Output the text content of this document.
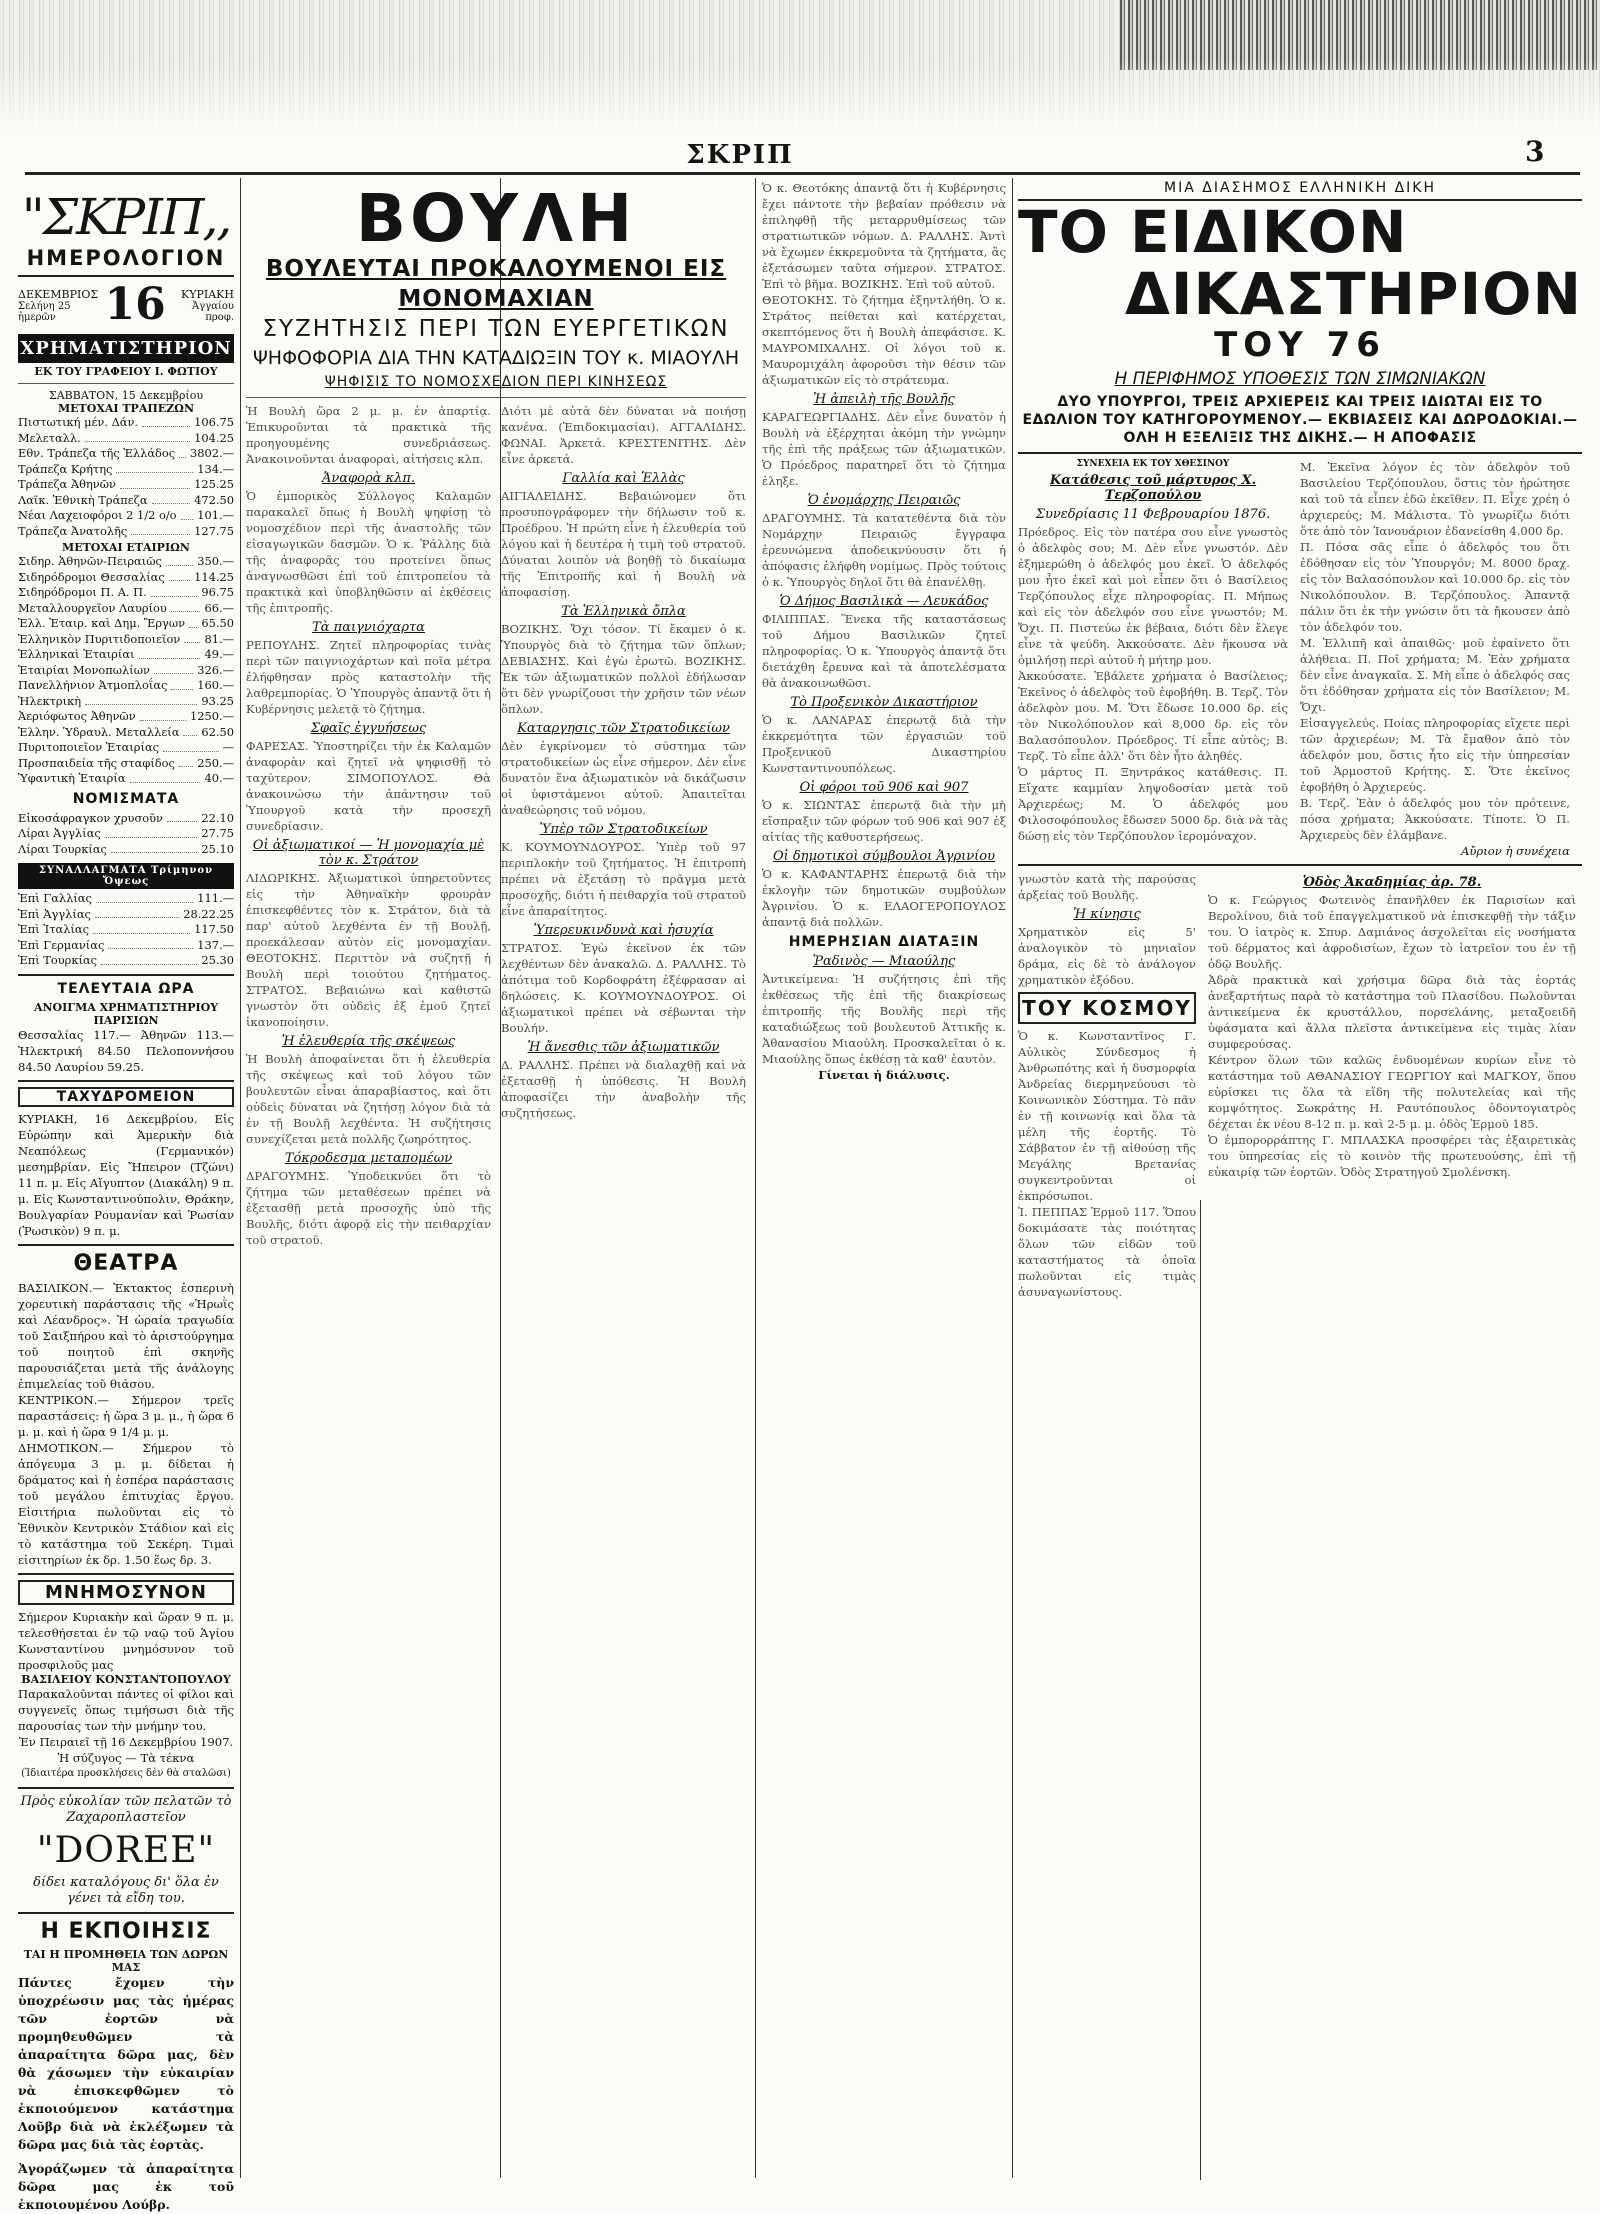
ΣΚΡΙΠ	3
"ΣΚΡΙΠ,,
ΗΜΕΡΟΛΟΓΙΟΝ
ΔΕΚΕΜΒΡΙΟΣ
Σελήνη 25 ἡμερῶν	16	ΚΥΡΙΑΚΗ
Ἀγγαίου προφ.
ΧΡΗΜΑΤΙΣΤΗΡΙΟΝ
ΕΚ ΤΟΥ ΓΡΑΦΕΙΟΥ Ι. ΦΩΤΙΟΥ
ΣΑΒΒΑΤΟΝ, 15 Δεκεμβρίου
ΜΕΤΟΧΑΙ ΤΡΑΠΕΖΩΝ
Πιστωτική μέν. Δάν.	106.75
Μελεταλλ.	104.25
Εθν. Τράπεζα τῆς Ἑλλάδος 3802.—
Τράπεζα Κρήτης	134.—
Τράπεζα Ἀθηνῶν	125.25
Λαϊκ. Ἐθνικὴ Τράπεζα	472.50
Νέαι Λαχειοφόροι 2 1/2 ο/ο 101.—
Τράπεζα Ἀνατολῆς	127.75
ΜΕΤΟΧΑΙ ΕΤΑΙΡΙΩΝ
Σιδηρ. Ἀθηνῶν-Πειραιῶς	350.—
Σιδηρόδρομοι Θεσσαλίας	114.25
Σιδηρόδρομοι Π. Α. Π.	96.75
Μεταλλουργεῖον Λαυρίου	66.—
Ἑλλ. Ἑταιρ. καὶ Δημ. Ἔργων 65.50
Ἑλληνικὸν Πυριτιδοποιεῖον 81.—
Ἑλληνικαὶ Ἑταιρίαι	49.—
Ἑταιρίαι Μονοπωλίων	326.—
Πανελλήνιον Ἀτμοπλοΐας	160.—
Ἠλεκτρικὴ	93.25
Ἀεριόφωτος Ἀθηνῶν	1250.—
Ἑλλην. Ὑδραυλ. Μεταλλεία 62.50
Πυριτοποιεῖον Ἑταιρίας	—
Προσπαιδεία τῆς σταφίδος 250.—
Ὑφαντικὴ Ἑταιρία	40.—
ΝΟΜΙΣΜΑΤΑ
Εἰκοσάφραγκον χρυσοῦν	22.10
Λίραι Ἀγγλίας	27.75
Λίραι Τουρκίας	25.10
ΣΥΝΑΛΛΑΓΜΑΤΑ Τρίμηνον Ὄψεως
Ἐπὶ Γαλλίας	111.—
Ἐπὶ Ἀγγλίας	28.22.25
Ἐπὶ Ἰταλίας	117.50
Ἐπὶ Γερμανίας	137.—
Ἐπὶ Τουρκίας	25.30
ΤΕΛΕΥΤΑΙΑ ΩΡΑ
ΑΝΟΙΓΜΑ ΧΡΗΜΑΤΙΣΤΗΡΙΟΥ ΠΑΡΙΣΙΩΝ

Θεσσαλίας 117.— Ἀθηνῶν 113.— Ἠλεκτρική 84.50 Πελοποννήσου 84.50 Λαυρίου 59.25.

ΤΑΧΥΔΡΟΜΕΙΟΝ

ΚΥΡΙΑΚΗ, 16 Δεκεμβρίου. Εἰς Εὐρώπην καὶ Ἀμερικὴν διὰ Νεαπόλεως (Γερμανικόν) μεσημβρίαν. Εἰς Ἤπειρον (Τζώνι) 11 π. μ. Εἰς Αἴγυπτον (Διακάλη) 9 π. μ. Εἰς Κωνσταντινούπολιν, Θράκην, Βουλγαρίαν Ρουμανίαν καὶ Ῥωσίαν (Ῥωσικὸν) 9 π. μ.

ΘΕΑΤΡΑ

ΒΑΣΙΛΙΚΟΝ.— Ἐκτακτος ἑσπερινὴ χορευτικὴ παράστασις τῆς «Ἡρωῒς καὶ Λέανδρος». Ἡ ὡραία τραγωδία τοῦ Σαιξπήρου καὶ τὸ ἀριστούργημα τοῦ ποιητοῦ ἐπὶ σκηνῆς παρουσιάζεται μετὰ τῆς ἀνάλογης ἐπιμελείας τοῦ θιάσου.

ΚΕΝΤΡΙΚΟΝ.— Σήμερον τρεῖς παραστάσεις: ἡ ὥρα 3 μ. μ., ἡ ὥρα 6 μ. μ. καὶ ἡ ὥρα 9 1/4 μ. μ.

ΔΗΜΟΤΙΚΟΝ.— Σήμερον τὸ ἀπόγευμα 3 μ. μ. δίδεται ἡ δράματος καὶ ἡ ἑσπέρα παράστασις τοῦ μεγάλου ἐπιτυχίας ἔργου. Εἰσιτήρια πωλοῦνται εἰς τὸ Ἐθνικὸν Κεντρικὸν Στάδιον καὶ εἰς τὸ κατάστημα τοῦ Σεκέρη. Τιμαὶ εἰσιτηρίων ἐκ δρ. 1.50 ἕως δρ. 3.

ΜΝΗΜΟΣΥΝΟΝ

Σήμερον Κυριακὴν καὶ ὥραν 9 π. μ. τελεσθήσεται ἐν τῷ ναῷ τοῦ Ἁγίου Κωνσταντίνου μνημόσυνον τοῦ προσφιλοῦς μας

ΒΑΣΙΛΕΙΟΥ ΚΟΝΣΤΑΝΤΟΠΟΥΛΟΥ

Παρακαλοῦνται πάντες οἱ φίλοι καὶ συγγενεῖς ὅπως τιμήσωσι διὰ τῆς παρουσίας των τὴν μνήμην του.

Ἐν Πειραιεῖ τῇ 16 Δεκεμβρίου 1907.

Ἡ σύζυγος — Τὰ τέκνα

(Ἰδιαιτέρα προσκλήσεις δὲν θὰ σταλῶσι)

Πρὸς εὐκολίαν τῶν πελατῶν τὸ Ζαχαροπλαστεῖον

"DOREE"

δίδει καταλόγους δι' ὅλα ἐν γένει τὰ εἴδη του.

Η ΕΚΠΟΙΗΣΙΣ
ΤΑΙ Η ΠΡΟΜΗΘΕΙΑ ΤΩΝ ΔΩΡΩΝ ΜΑΣ

Πάντες ἔχομεν τὴν ὑποχρέωσιν μας τὰς ἡμέρας τῶν ἑορτῶν νὰ προμηθευθῶμεν τὰ ἀπαραίτητα δῶρα μας, δὲν θὰ χάσωμεν τὴν εὐκαιρίαν νὰ ἐπισκεφθῶμεν τὸ ἐκποιούμενον κατάστημα Λοῦβρ διὰ νὰ ἐκλέξωμεν τὰ δῶρα μας διὰ τὰς ἐορτὰς.

Ἀγοράζωμεν τὰ ἀπαραίτητα δῶρα μας ἐκ τοῦ ἐκποιουμένου Λούβρ.

ΒΟΥΛΗ
ΒΟΥΛΕΥΤΑΙ ΠΡΟΚΑΛΟΥΜΕΝΟΙ ΕΙΣ ΜΟΝΟΜΑΧΙΑΝ
ΣΥΖΗΤΗΣΙΣ ΠΕΡΙ ΤΩΝ ΕΥΕΡΓΕΤΙΚΩΝ
ΨΗΦΟΦΟΡΙΑ ΔΙΑ ΤΗΝ ΚΑΤΑΔΙΩΞΙΝ ΤΟΥ κ. ΜΙΑΟΥΛΗ
ΨΗΦΙΣΙΣ ΤΟ ΝΟΜΟΣΧΕΔΙΟΝ ΠΕΡΙ ΚΙΝΗΣΕΩΣ

Ἡ Βουλὴ ὥρα 2 μ. μ. ἐν ἀπαρτίᾳ. Ἐπικυροῦνται τὰ πρακτικὰ τῆς προηγουμένης συνεδριάσεως. Ἀνακοινοῦνται ἀναφοραὶ, αἰτήσεις κλπ.

Ἀναφορὰ κλπ.

Ὁ ἐμπορικὸς Σύλλογος Καλαμῶν παρακαλεῖ ὅπως ἡ Βουλὴ ψηφίσῃ τὸ νομοσχέδιον περὶ τῆς ἀναστολῆς τῶν εἰσαγωγικῶν δασμῶν. Ὁ κ. Ῥάλλης διὰ τῆς ἀναφορᾶς του προτείνει ὅπως ἀναγνωσθῶσι ἐπὶ τοῦ ἐπιτροπείου τὰ πρακτικὰ καὶ ὑποβληθῶσιν αἱ ἐκθέσεις τῆς ἐπιτροπῆς.

Τὰ παιγνιόχαρτα

ΡΕΠΟΥΛΗΣ. Ζητεῖ πληροφορίας τινὰς περὶ τῶν παιγνιοχάρτων καὶ ποῖα μέτρα ἐλήφθησαν πρὸς καταστολὴν τῆς λαθρεμπορίας. Ὁ Ὑπουργὸς ἀπαντᾷ ὅτι ἡ Κυβέρνησις μελετᾷ τὸ ζήτημα.

Σφαῖς ἐγγυήσεως

ΦΑΡΕΣΑΣ. Ὑποστηρίζει τὴν ἐκ Καλαμῶν ἀναφορὰν καὶ ζητεῖ νὰ ψηφισθῇ τὸ ταχύτερον. ΣΙΜΟΠΟΥΛΟΣ. Θὰ ἀνακοινώσω τὴν ἀπάντησιν τοῦ Ὑπουργοῦ κατὰ τὴν προσεχῆ συνεδρίασιν.

Οἱ ἀξιωματικοί — Ἡ μονομαχία μὲ τὸν κ. Στράτον

ΛΙΔΩΡΙΚΗΣ. Ἀξιωματικοὶ ὑπηρετοῦντες εἰς τὴν Ἀθηναϊκὴν φρουρὰν ἐπισκεφθέντες τὸν κ. Στράτον, διὰ τὰ παρ' αὐτοῦ λεχθέντα ἐν τῇ Βουλῇ, προεκάλεσαν αὐτὸν εἰς μονομαχίαν. ΘΕΟΤΟΚΗΣ. Περιττὸν νὰ συζητῇ ἡ Βουλὴ περὶ τοιούτου ζητήματος. ΣΤΡΑΤΟΣ. Βεβαιώνω καὶ καθιστῶ γνωστὸν ὅτι οὐδεὶς ἐξ ἐμοῦ ζητεῖ ἱκανοποίησιν.

Ἡ ἐλευθερία τῆς σκέψεως

Ἡ Βουλὴ ἀποφαίνεται ὅτι ἡ ἐλευθερία τῆς σκέψεως καὶ τοῦ λόγου τῶν βουλευτῶν εἶναι ἀπαραβίαστος, καὶ ὅτι οὐδεὶς δύναται νὰ ζητήσῃ λόγον διὰ τὰ ἐν τῇ Βουλῇ λεχθέντα. Ἡ συζήτησις συνεχίζεται μετὰ πολλῆς ζωηρότητος.

Τόκροδεσμα μεταπομέων

ΔΡΑΓΟΥΜΗΣ. Ὑποδεικνύει ὅτι τὸ ζήτημα τῶν μεταθέσεων πρέπει νὰ ἐξετασθῇ μετὰ προσοχῆς ὑπὸ τῆς Βουλῆς, διότι ἀφορᾷ εἰς τὴν πειθαρχίαν τοῦ στρατοῦ.

Διότι μὲ αὐτὰ δὲν δύναται νὰ ποιήσῃ κανένα. (Ἐπιδοκιμασίαι). ΑΓΓΑΛΙΔΗΣ. ΦΩΝΑΙ. Ἀρκετά. ΚΡΕΣΤΕΝΙΤΗΣ. Δὲν εἶνε ἀρκετά.

Γαλλία καὶ Ἑλλὰς

ΑΙΓΙΑΛΕΙΔΗΣ. Βεβαιώνομεν ὅτι προσυπογράφομεν τὴν δήλωσιν τοῦ κ. Προέδρου. Ἡ πρώτη εἶνε ἡ ἐλευθερία τοῦ λόγου καὶ ἡ δευτέρα ἡ τιμὴ τοῦ στρατοῦ. Δύναται λοιπὸν νὰ βοηθῇ τὸ δικαίωμα τῆς Ἐπιτροπῆς καὶ ἡ Βουλὴ νὰ ἀποφασίσῃ.

Τὰ Ἑλληνικὰ ὄπλα

ΒΟΖΙΚΗΣ. Ὄχι τόσον. Τί ἔκαμεν ὁ κ. Ὑπουργὸς διὰ τὸ ζήτημα τῶν ὅπλων; ΔΕΒΙΑΣΗΣ. Καὶ ἐγὼ ἐρωτῶ. ΒΟΖΙΚΗΣ. Ἐκ τῶν ἀξιωματικῶν πολλοὶ ἐδήλωσαν ὅτι δὲν γνωρίζουσι τὴν χρῆσιν τῶν νέων ὅπλων.

Καταργησις τῶν Στρατοδικείων

Δὲν ἐγκρίνομεν τὸ σύστημα τῶν στρατοδικείων ὡς εἶνε σήμερον. Δὲν εἶνε δυνατὸν ἕνα ἀξιωματικὸν νὰ δικάζωσιν οἱ ὑφιστάμενοι αὐτοῦ. Ἀπαιτεῖται ἀναθεώρησις τοῦ νόμου.

Ὑπὲρ τῶν Στρατοδικείων

Κ. ΚΟΥΜΟΥΝΔΟΥΡΟΣ. Ὑπὲρ τοῦ 97 περιπλοκὴν τοῦ ζητήματος. Ἡ ἐπιτροπὴ πρέπει νὰ ἐξετάσῃ τὸ πρᾶγμα μετὰ προσοχῆς, διότι ἡ πειθαρχία τοῦ στρατοῦ εἶνε ἀπαραίτητος.

Ὑπερευκινδυνὰ καὶ ἡσυχία

ΣΤΡΑΤΟΣ. Ἐγὼ ἐκεῖνον ἐκ τῶν λεχθέντων δὲν ἀνακαλῶ. Δ. ΡΑΛΛΗΣ. Τὸ ἀπότιμα τοῦ Κορδοφράτη ἐξέφρασαν αἱ δηλώσεις. Κ. ΚΟΥΜΟΥΝΔΟΥΡΟΣ. Οἱ ἀξιωματικοὶ πρέπει νὰ σέβωνται τὴν Βουλήν.

Ἡ ἄνεσθις τῶν ἀξιωματικῶν

Δ. ΡΑΛΛΗΣ. Πρέπει νὰ διαλαχθῇ καὶ νὰ ἐξετασθῇ ἡ ὑπόθεσις. Ἡ Βουλὴ ἀποφασίζει τὴν ἀναβολὴν τῆς συζητήσεως.

Ὁ κ. Θεοτόκης ἀπαντᾷ ὅτι ἡ Κυβέρνησις ἔχει πάντοτε τὴν βεβαίαν πρόθεσιν νὰ ἐπιληφθῇ τῆς μεταρρυθμίσεως τῶν στρατιωτικῶν νόμων. Δ. ΡΑΛΛΗΣ. Ἀντὶ νὰ ἔχωμεν ἐκκρεμοῦντα τὰ ζητήματα, ἂς ἐξετάσωμεν ταῦτα σήμερον. ΣΤΡΑΤΟΣ. Ἐπὶ τὸ βῆμα. ΒΟΖΙΚΗΣ. Ἐπὶ τοῦ αὐτοῦ.

ΘΕΟΤΟΚΗΣ. Τὸ ζήτημα ἐξηντλήθη. Ὁ κ. Στράτος πείθεται καὶ κατέρχεται, σκεπτόμενος ὅτι ἡ Βουλὴ ἀπεφάσισε. Κ. ΜΑΥΡΟΜΙΧΑΛΗΣ. Οἱ λόγοι τοῦ κ. Μαυρομιχάλη ἀφοροῦσι τὴν θέσιν τῶν ἀξιωματικῶν εἰς τὸ στράτευμα.

Ἡ ἀπειλὴ τῆς Βουλῆς

ΚΑΡΑΓΕΩΡΓΙΑΔΗΣ. Δὲν εἶνε δυνατὸν ἡ Βουλὴ νὰ ἐξέρχηται ἀκόμη τὴν γνώμην τῆς ἐπὶ τῆς πράξεως τῶν ἀξιωματικῶν. Ὁ Πρόεδρος παρατηρεῖ ὅτι τὸ ζήτημα ἐληξε.

Ὁ ἐνομάρχης Πειραιῶς

ΔΡΑΓΟΥΜΗΣ. Τὰ κατατεθέντα διὰ τὸν Νομάρχην Πειραιῶς ἔγγραφα ἐρευνώμενα ἀποδεικνύουσιν ὅτι ἡ ἀπόφασις ἐλήφθη νομίμως. Πρὸς τούτοις ὁ κ. Ὑπουργὸς δηλοῖ ὅτι θὰ ἐπανέλθῃ.

Ὁ Δήμος Βασιλικὰ — Λευκάδος

ΦΙΛΙΠΠΑΣ. Ἕνεκα τῆς καταστάσεως τοῦ Δήμου Βασιλικῶν ζητεῖ πληροφορίας. Ὁ κ. Ὑπουργὸς ἀπαντᾷ ὅτι διετάχθη ἔρευνα καὶ τὰ ἀποτελέσματα θὰ ἀνακοινωθῶσι.

Τὸ Προξενικὸν Δικαστήριον

Ὁ κ. ΛΑΝΑΡΑΣ ἐπερωτᾷ διὰ τὴν ἐκκρεμότητα τῶν ἐργασιῶν τοῦ Προξενικοῦ Δικαστηρίου Κωνσταντινουπόλεως.

Οἱ φόροι τοῦ 906 καὶ 907

Ὁ κ. ΣΙΩΝΤΑΣ ἐπερωτᾷ διὰ τὴν μὴ εἴσπραξιν τῶν φόρων τοῦ 906 καὶ 907 ἐξ αἰτίας τῆς καθυστερήσεως.

Οἱ δημοτικοὶ σύμβουλοι Ἀγρινίου

Ὁ κ. ΚΑΦΑΝΤΑΡΗΣ ἐπερωτᾷ διὰ τὴν ἐκλογὴν τῶν δημοτικῶν συμβούλων Ἀγρινίου. Ὁ κ. ΕΛΑΟΓΕΡΟΠΟΥΛΟΣ ἀπαντᾷ διὰ πολλῶν.

ΗΜΕΡΗΣΙΑΝ ΔΙΑΤΑΞΙΝ
Ῥαδινὸς — Μιαούλης

Ἀντικείμενα: Ἡ συζήτησις ἐπὶ τῆς ἐκθέσεως τῆς ἐπὶ τῆς διακρίσεως ἐπιτροπῆς τῆς Βουλῆς περὶ τῆς καταδιώξεως τοῦ βουλευτοῦ Ἀττικῆς κ. Ἀθανασίου Μιαούλη. Προσκαλεῖται ὁ κ. Μιαούλης ὅπως ἐκθέσῃ τὰ καθ' ἑαυτὸν.

Γίνεται ἡ διάλυσις.

ΜΙΑ ΔΙΑΣΗΜΟΣ ΕΛΛΗΝΙΚΗ ΔΙΚΗ
ΤΟ ΕΙΔΙΚΟΝ
ΔΙΚΑΣΤΗΡΙΟΝ
ΤΟΥ 76
Η ΠΕΡΙΦΗΜΟΣ ΥΠΟΘΕΣΙΣ ΤΩΝ ΣΙΜΩΝΙΑΚΩΝ
ΔΥΟ ΥΠΟΥΡΓΟΙ, ΤΡΕΙΣ ΑΡΧΙΕΡΕΙΣ ΚΑΙ ΤΡΕΙΣ ΙΔΙΩΤΑΙ ΕΙΣ ΤΟ ΕΔΩΛΙΟΝ ΤΟΥ ΚΑΤΗΓΟΡΟΥΜΕΝΟΥ.— ΕΚΒΙΑΣΕΙΣ ΚΑΙ ΔΩΡΟΔΟΚΙΑΙ.— ΟΛΗ Η ΕΞΕΛΙΞΙΣ ΤΗΣ ΔΙΚΗΣ.— Η ΑΠΟΦΑΣΙΣ
ΣΥΝΕΧΕΙΑ ΕΚ ΤΟΥ ΧΘΕΣΙΝΟΥ
Κατάθεσις τοῦ μάρτυρος Χ. Τερζοπούλου
Συνεδρίασις 11 Φεβρουαρίου 1876.

Πρόεδρος. Εἰς τὸν πατέρα σου εἶνε γνωστὸς ὁ ἀδελφὸς σου; Μ. Δὲν εἶνε γνωστόν. Δὲν ἐξημερώθη ὁ ἀδελφός μου ἐκεῖ. Ὁ ἀδελφός μου ἦτο ἐκεῖ καὶ μοὶ εἶπεν ὅτι ὁ Βασίλειος Τερζόπουλος εἶχε πληροφορίας. Π. Μήπως καὶ εἰς τὸν ἀδελφόν σου εἶνε γνωστόν; Μ. Ὄχι. Π. Πιστεύω ἐκ βέβαια, διότι δὲν ἔλεγε εἶνε τὰ ψεύδη. Ἀκκούσατε. Δὲν ἤκουσα νὰ ὁμιλήσῃ περὶ αὐτοῦ ἡ μήτηρ μου.

Ἀκκούσατε. Ἐβάλετε χρήματα ὁ Βασίλειος; Ἐκεῖνος ὁ ἀδελφὸς τοῦ ἐφοβήθη. Β. Τερζ. Τὸν ἀδελφὸν μου. Μ. Ὅτι ἔδωσε 10.000 δρ. εἰς τὸν Νικολόπουλον καὶ 8,000 δρ. εἰς τὸν Βαλασόπουλον. Πρόεδρος. Τί εἶπε αὐτὸς; Β. Τερζ. Τὸ εἶπε ἀλλ' ὅτι δὲν ἦτο ἀληθές.

Ὁ μάρτυς Π. Ξηντράκος κατάθεσις. Π. Εἴχατε καμμίαν ληψοδοσίαν μετὰ τοῦ Ἀρχιερέως; Μ. Ὁ ἀδελφός μου Φιλοσοφόπουλος ἔδωσεν 5000 δρ. διὰ νὰ τὰς δώσῃ εἰς τὸν Τερζόπουλον ἱερομόναχον.

Μ. Ἐκεῖνα λόγον ἐς τὸν ἀδελφὸν τοῦ Βασιλείου Τερζόπουλου, ὅστις τὸν ἠρώτησε καὶ τοῦ τὰ εἶπεν ἐδῶ ἐκεῖθεν. Π. Εἶχε χρέη ὁ ἀρχιερεύς; Μ. Μάλιστα. Τὸ γνωρίζω διότι ὅτε ἀπὸ τὸν Ἰανουάριον ἐδανείσθη 4.000 δρ.

Π. Πόσα σᾶς εἶπε ὁ ἀδελφός του ὅτι ἐδόθησαν εἰς τὸν Ὑπουργόν; Μ. 8000 δραχ. εἰς τὸν Βαλασόπουλον καὶ 10.000 δρ. εἰς τὸν Νικολόπουλον. Β. Τερζόπουλος. Ἀπαντᾷ πάλιν ὅτι ἐκ τὴν γνώσιν ὅτι τὰ ἤκουσεν ἀπὸ τὸν ἀδελφόν του.

Μ. Ἐλλιπῆ καὶ ἀπαιθῶς· μοῦ ἐφαίνετο ὅτι ἀλήθεια. Π. Ποῖ χρήματα; Μ. Ἐὰν χρήματα δὲν εἶνε ἀναγκαῖα. Σ. Μὴ εἶπε ὁ ἀδελφός σας ὅτι ἐδόθησαν χρήματα εἰς τὸν Βασίλειον; Μ. Ὄχι.

Εἰσαγγελεύς. Ποίας πληροφορίας εἴχετε περὶ τῶν ἀρχιερέων; Μ. Τὰ ἔμαθον ἀπὸ τὸν ἀδελφόν μου, ὅστις ἦτο εἰς τὴν ὑπηρεσίαν τοῦ Ἁρμοστοῦ Κρήτης. Σ. Ὅτε ἐκεῖνος ἐφοβήθη ὁ Ἀρχιερεύς.

Β. Τερζ. Ἐὰν ὁ ἀδελφός μου τὸν πρότεινε, πόσα χρήματα; Ἀκκούσατε. Τίποτε. Ὁ Π. Ἀρχιερεὺς δὲν ἐλάμβανε.

Αὔριον ἡ συνέχεια

γνωστὸν κατὰ τὴς παρούσας ἀρξείας τοῦ Βουλῆς.

Ἡ κίνησις

Χρηματικὸν εἰς 5' ἀναλογικὸν τὸ μηνιαῖον δράμα, εἰς δὲ τὸ ἀνάλογον χρηματικὸν ἐξόδου.

ΤΟΥ ΚΟΣΜΟΥ

Ὁ κ. Κωνσταντῖνος Γ. Αὐλικὸς Σύνδεσμος ἡ Ἀνθρωπότης καὶ ἡ δυσμορφία Ἀνδρείας διερμηνεύουσι τὸ Κοινωνικὸν Σύστημα. Τὸ πᾶν ἐν τῇ κοινωνίᾳ καὶ ὅλα τὰ μέλη τῆς ἑορτῆς. Τὸ Σάββατον ἐν τῇ αἰθούσῃ τῆς Μεγάλης Βρετανίας συγκεντροῦνται οἱ ἐκπρόσωποι.

Ἰ. ΠΕΠΠΑΣ Ἑρμοῦ 117. Ὅπου δοκιμάσατε τὰς ποιότητας ὅλων τῶν εἰδῶν τοῦ καταστήματος τὰ ὁποῖα πωλοῦνται εἰς τιμὰς ἀσυναγωνίστους.

Ὁδὸς Ἀκαδημίας ἀρ. 78.

Ὁ κ. Γεώργιος Φωτεινὸς ἐπανῆλθεν ἐκ Παρισίων καὶ Βερολίνου, διὰ τοῦ ἐπαγγελματικοῦ νὰ ἐπισκεφθῇ τὴν τάξιν του. Ὁ ἰατρὸς κ. Σπυρ. Δαμιάνος ἀσχολεῖται εἰς νοσήματα τοῦ δέρματος καὶ ἀφροδισίων, ἔχων τὸ ἰατρεῖον του ἐν τῇ ὁδῷ Βουλῆς.

Ἀδρὰ πρακτικὰ καὶ χρήσιμα δῶρα διὰ τὰς ἑορτάς ἀνεξαρτήτως παρὰ τὸ κατάστημα τοῦ Πλασίδου. Πωλοῦνται ἀντικείμενα ἐκ κρυστάλλου, πορσελάνης, μεταξοειδῆ ὑφάσματα καὶ ἄλλα πλεῖστα ἀντικείμενα εἰς τιμὰς λίαν συμφερούσας.

Κέντρον ὅλων τῶν καλῶς ἐνδυομένων κυρίων εἶνε τὸ κατάστημα τοῦ ΑΘΑΝΑΣΙΟΥ ΓΕΩΡΓΙΟΥ καὶ ΜΑΓΚΟΥ, ὅπου εὑρίσκει τις ὅλα τὰ εἴδη τῆς πολυτελείας καὶ τῆς κομψότητος. Σωκράτης Η. Ραυτόπουλος ὀδοντογιατρὸς δέχεται ἐκ νέου 8-12 π. μ. καὶ 2-5 μ. μ. ὁδὸς Ἑρμοῦ 185.

Ὁ ἐμπορορράπτης Γ. ΜΠΛΑΣΚΑ προσφέρει τὰς ἐξαιρετικὰς του ὑπηρεσίας εἰς τὸ κοινὸν τῆς πρωτευούσης, ἐπὶ τῇ εὐκαιρίᾳ τῶν ἑορτῶν. Ὁδὸς Στρατηγοῦ Σμολένσκη.
